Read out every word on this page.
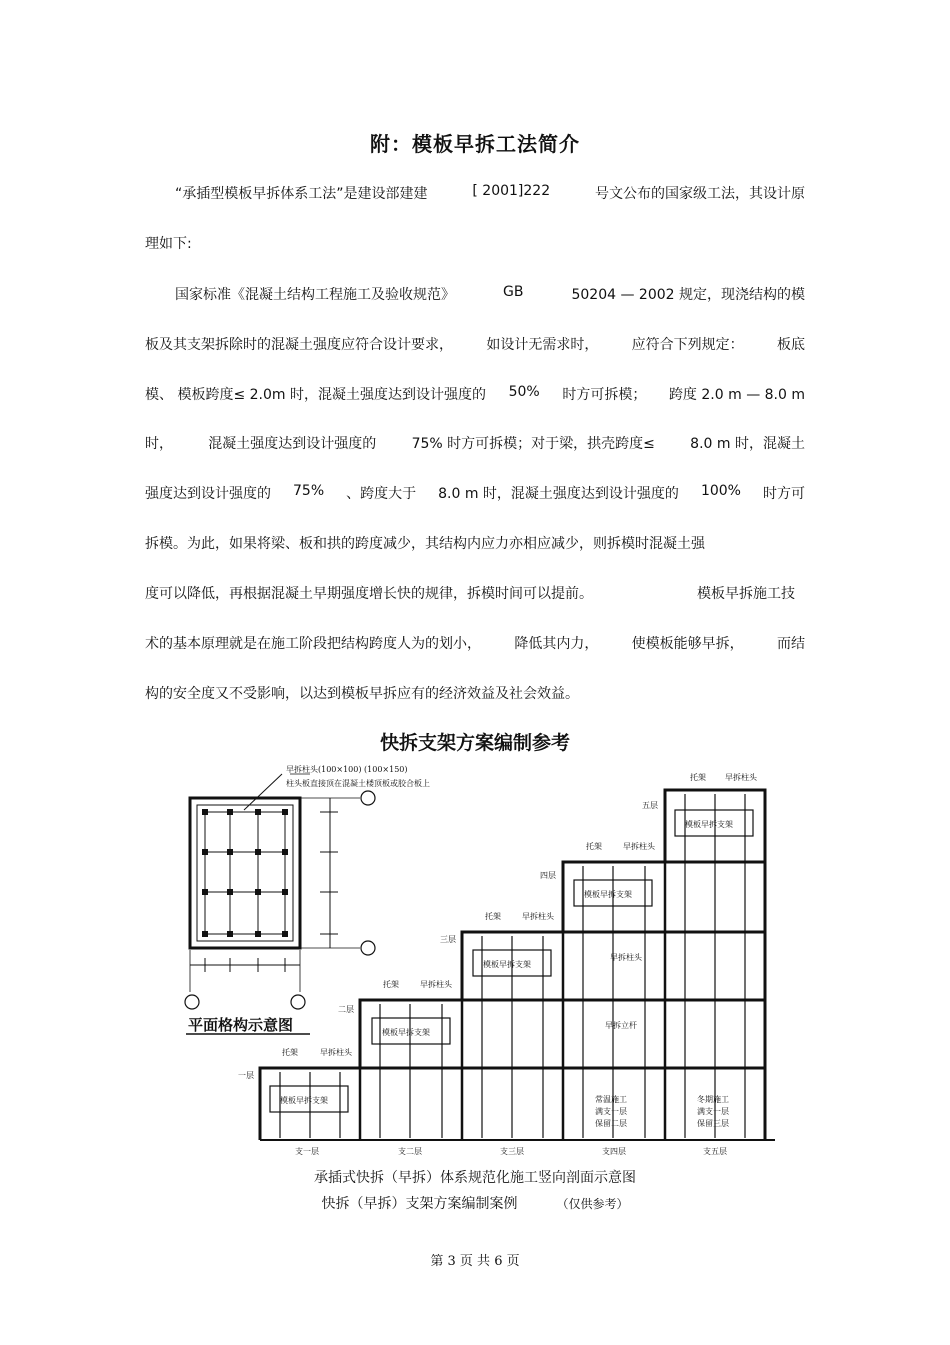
附：模板早拆工法简介
“承插型模板早拆体系工法”是建设部建建	[ 2001]222	号文公布的国家级工法，其设计原
理如下:
国家标准《混凝土结构工程施工及验收规范》	GB	50204 — 2002 规定，现浇结构的模
板及其支架拆除时的混凝土强度应符合设计要求， 如设计无需求时， 应符合下列规定： 板底
模、 模板跨度≤ 2.0m 时，混凝土强度达到设计强度的 50% 时方可拆模； 跨度 2.0 m — 8.0 m
时，	混凝土强度达到设计强度的	75% 时方可拆模；对于梁，拱壳跨度≤	8.0 m 时，混凝土
强度达到设计强度的 75% 、跨度大于 8.0 m 时，混凝土强度达到设计强度的 100% 时方可
拆模。为此，如果将梁、板和拱的跨度减少，其结构内应力亦相应减少，则拆模时混凝土强
度可以降低，再根据混凝土早期强度增长快的规律，拆模时间可以提前。	模板早拆施工技
术的基本原理就是在施工阶段把结构跨度人为的划小， 降低其内力， 使模板能够早拆， 而结
构的安全度又不受影响，以达到模板早拆应有的经济效益及社会效益。
快拆支架方案编制参考
早拆柱头(100×100) (100×150)
柱头板直接顶在混凝土楼顶板或胶合板上
平面格构示意图
模板早拆支架
模板早拆支架
模板早拆支架
模板早拆支架
模板早拆支架
托架	早拆柱头
托架	早拆柱头
托架	早拆柱头
托架	早拆柱头
托架 早拆柱头
一层
二层
三层
四层
五层
早拆柱头
早拆立杆
常温施工
满支一层
保留二层
冬期施工
满支一层
保留三层
支一层	支二层	支三层	支四层	支五层
承插式快拆（早拆）体系规范化施工竖向剖面示意图
快拆（早拆）支架方案编制案例	（仅供参考）
第 3 页 共 6 页
